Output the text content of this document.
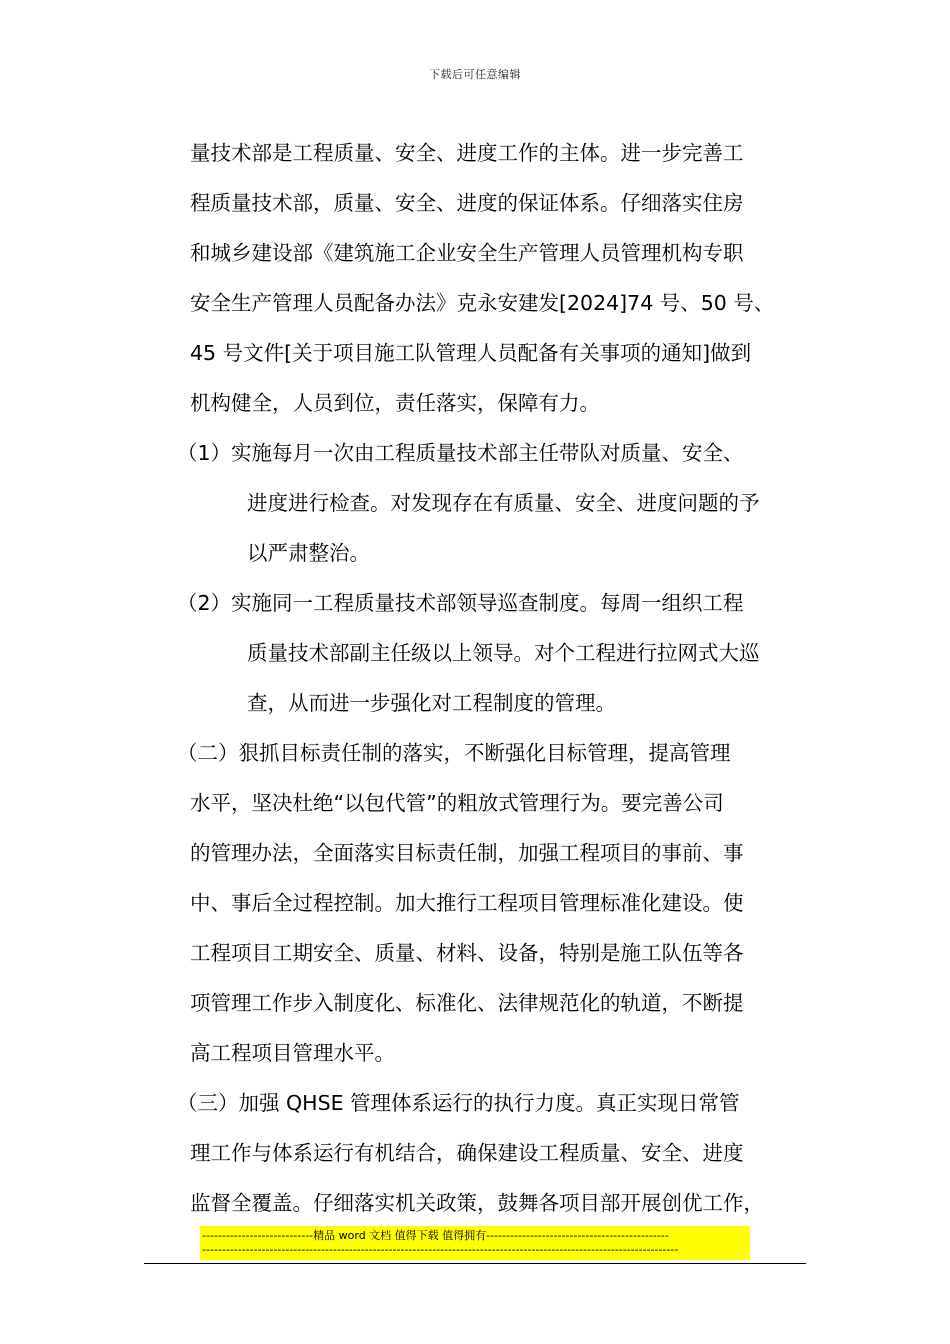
下载后可任意编辑
量技术部是工程质量、安全、进度工作的主体。进一步完善工
程质量技术部，质量、安全、进度的保证体系。仔细落实住房
和城乡建设部《建筑施工企业安全生产管理人员管理机构专职
安全生产管理人员配备办法》克永安建发[2024]74 号、50 号、
45 号文件[关于项目施工队管理人员配备有关事项的通知]做到
机构健全，人员到位，责任落实，保障有力。
（1）实施每月一次由工程质量技术部主任带队对质量、安全、
进度进行检查。对发现存在有质量、安全、进度问题的予
以严肃整治。
（2）实施同一工程质量技术部领导巡查制度。每周一组织工程
质量技术部副主任级以上领导。对个工程进行拉网式大巡
查，从而进一步强化对工程制度的管理。
（二）狠抓目标责任制的落实，不断强化目标管理，提高管理
水平，坚决杜绝“以包代管”的粗放式管理行为。要完善公司
的管理办法，全面落实目标责任制，加强工程项目的事前、事
中、事后全过程控制。加大推行工程项目管理标准化建设。使
工程项目工期安全、质量、材料、设备，特别是施工队伍等各
项管理工作步入制度化、标准化、法律规范化的轨道，不断提
高工程项目管理水平。
（三）加强 QHSE 管理体系运行的执行力度。真正实现日常管
理工作与体系运行有机结合，确保建设工程质量、安全、进度
监督全覆盖。仔细落实机关政策，鼓舞各项目部开展创优工作，
----------------------------精品 word 文档 值得下载 值得拥有----------------------------------------------
------------------------------------------------------------------------------------------------------------------------
